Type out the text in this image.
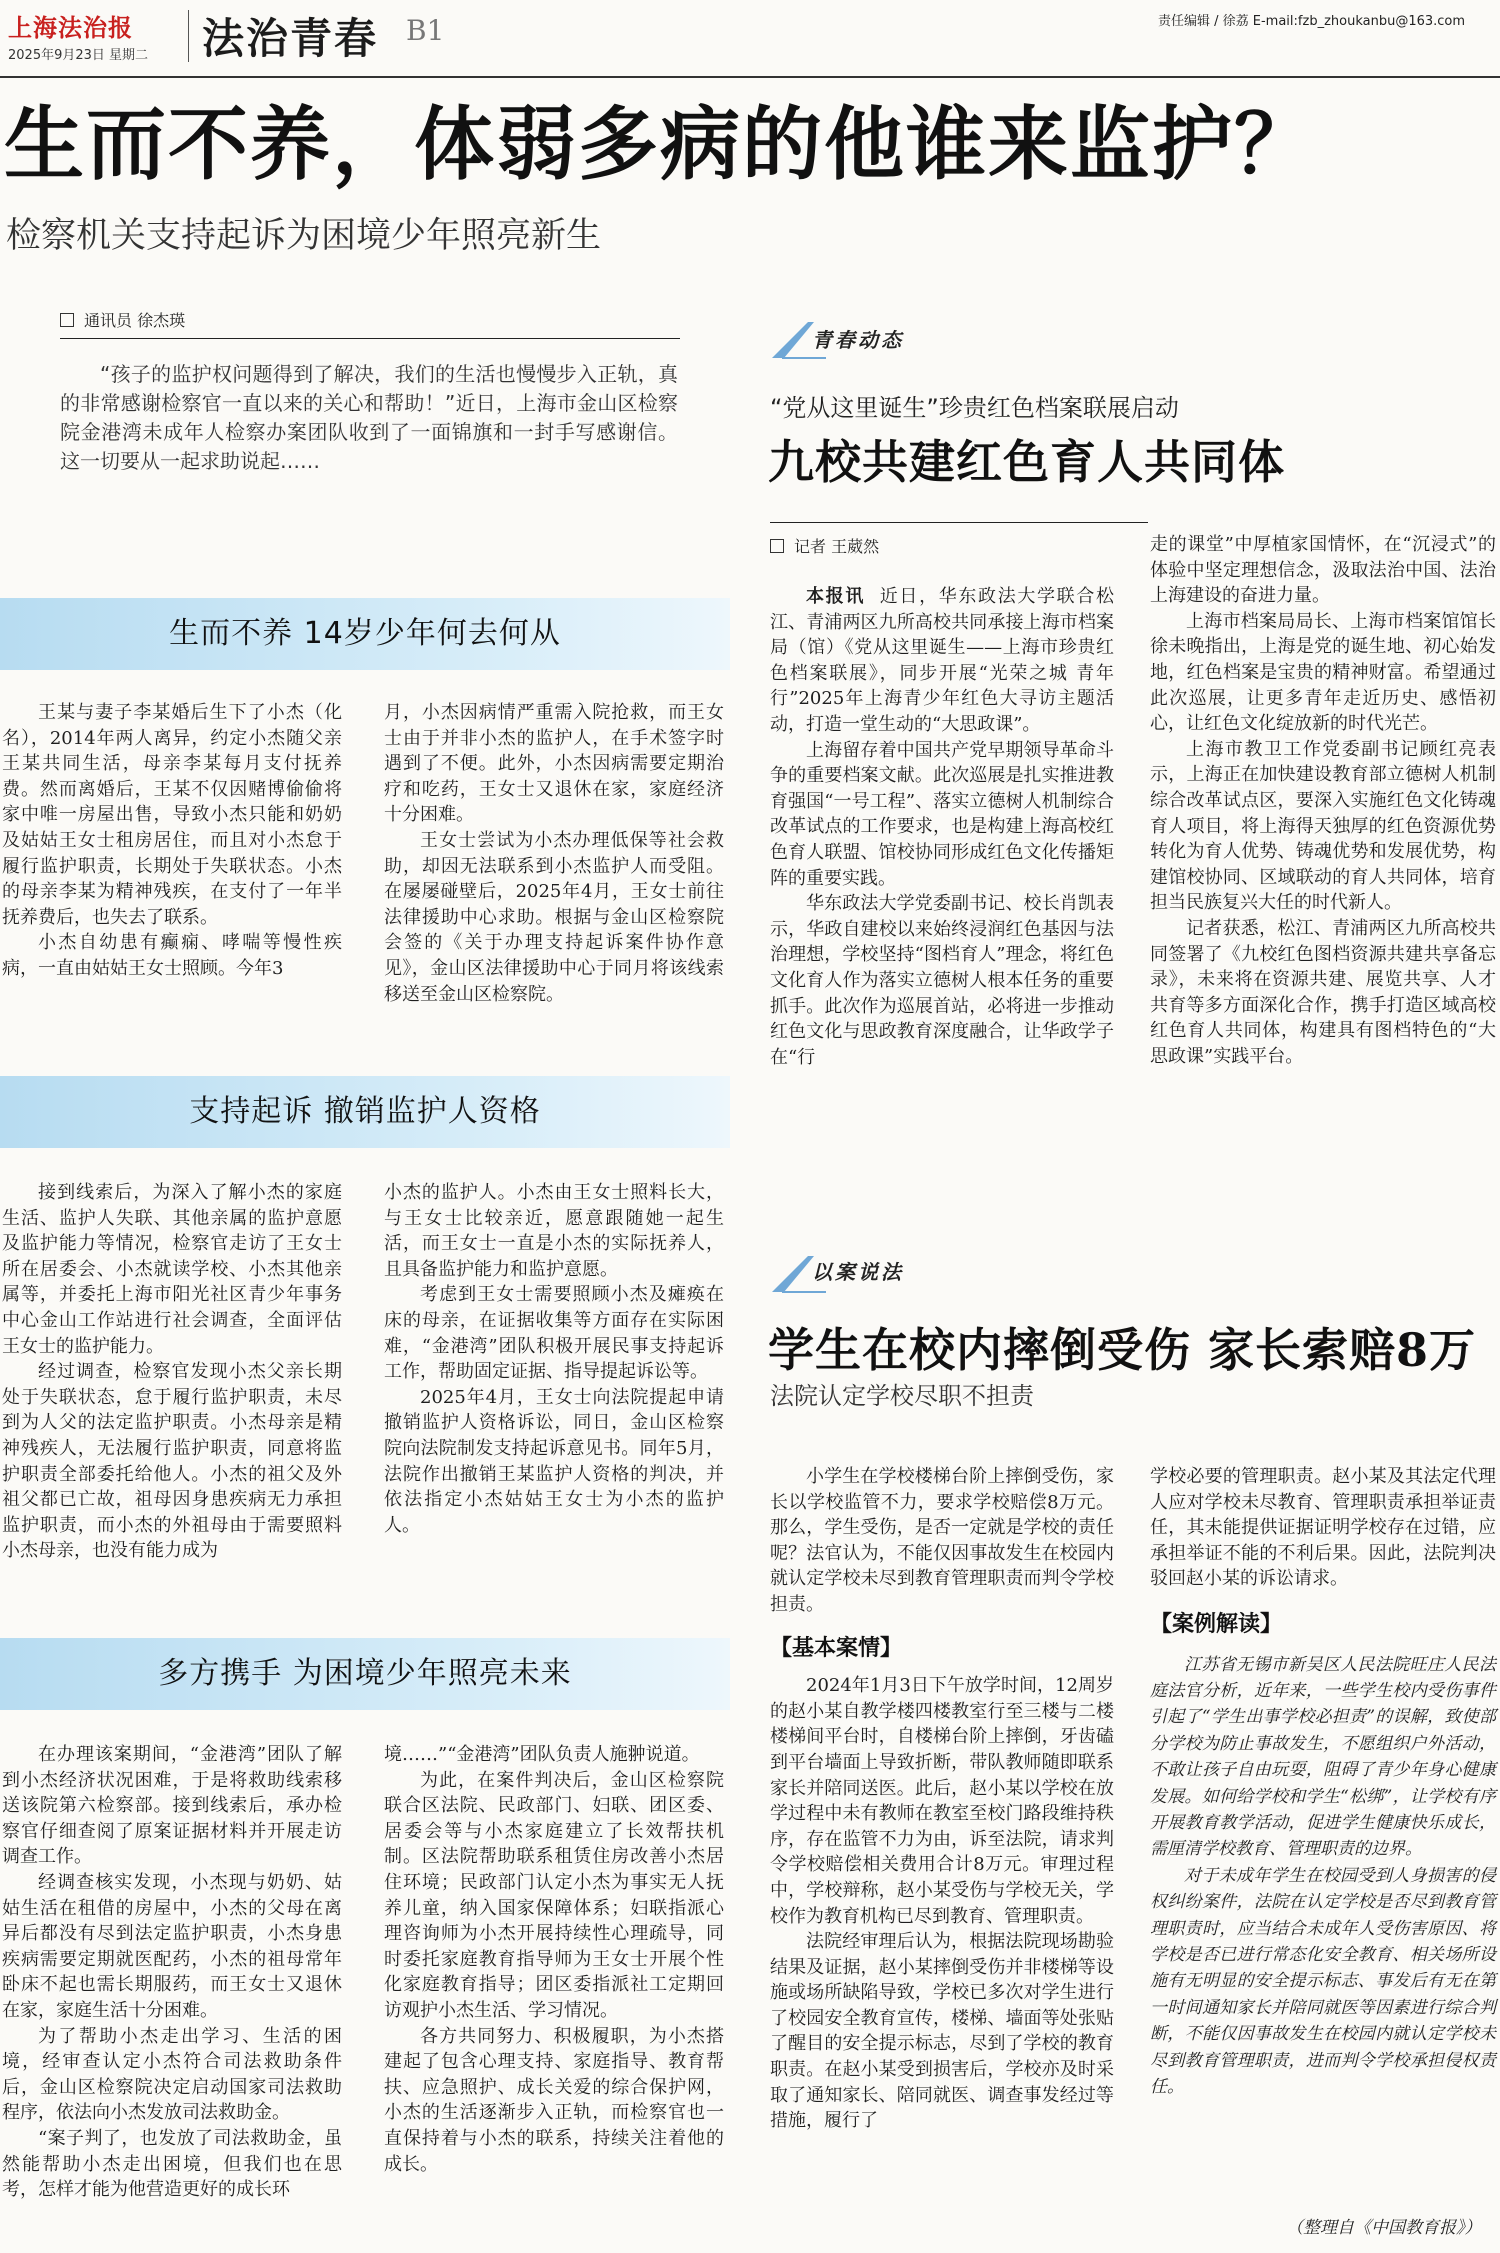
上海法治报
2025年9月23日 星期二 法治青春 B1	责任编辑 / 徐荔 E-mail:fzb_zhoukanbu@163.com
生而不养，体弱多病的他谁来监护？
检察机关支持起诉为困境少年照亮新生
通讯员 徐杰瑛

“孩子的监护权问题得到了解决，我们的生活也慢慢步入正轨，真的非常感谢检察官一直以来的关心和帮助！”近日，上海市金山区检察院金港湾未成年人检察办案团队收到了一面锦旗和一封手写感谢信。这一切要从一起求助说起……

生而不养 14岁少年何去何从

王某与妻子李某婚后生下了小杰（化名），2014年两人离异，约定小杰随父亲王某共同生活，母亲李某每月支付抚养费。然而离婚后，王某不仅因赌博偷偷将家中唯一房屋出售，导致小杰只能和奶奶及姑姑王女士租房居住，而且对小杰怠于履行监护职责，长期处于失联状态。小杰的母亲李某为精神残疾，在支付了一年半抚养费后，也失去了联系。

小杰自幼患有癫痫、哮喘等慢性疾病，一直由姑姑王女士照顾。今年3

月，小杰因病情严重需入院抢救，而王女士由于并非小杰的监护人，在手术签字时遇到了不便。此外，小杰因病需要定期治疗和吃药，王女士又退休在家，家庭经济十分困难。

王女士尝试为小杰办理低保等社会救助，却因无法联系到小杰监护人而受阻。在屡屡碰壁后，2025年4月，王女士前往法律援助中心求助。根据与金山区检察院会签的《关于办理支持起诉案件协作意见》，金山区法律援助中心于同月将该线索移送至金山区检察院。

支持起诉 撤销监护人资格

接到线索后，为深入了解小杰的家庭生活、监护人失联、其他亲属的监护意愿及监护能力等情况，检察官走访了王女士所在居委会、小杰就读学校、小杰其他亲属等，并委托上海市阳光社区青少年事务中心金山工作站进行社会调查，全面评估王女士的监护能力。

经过调查，检察官发现小杰父亲长期处于失联状态，怠于履行监护职责，未尽到为人父的法定监护职责。小杰母亲是精神残疾人，无法履行监护职责，同意将监护职责全部委托给他人。小杰的祖父及外祖父都已亡故，祖母因身患疾病无力承担监护职责，而小杰的外祖母由于需要照料小杰母亲，也没有能力成为

小杰的监护人。小杰由王女士照料长大，与王女士比较亲近，愿意跟随她一起生活，而王女士一直是小杰的实际抚养人，且具备监护能力和监护意愿。

考虑到王女士需要照顾小杰及瘫痪在床的母亲，在证据收集等方面存在实际困难，“金港湾”团队积极开展民事支持起诉工作，帮助固定证据、指导提起诉讼等。

2025年4月，王女士向法院提起申请撤销监护人资格诉讼，同日，金山区检察院向法院制发支持起诉意见书。同年5月，法院作出撤销王某监护人资格的判决，并依法指定小杰姑姑王女士为小杰的监护人。

多方携手 为困境少年照亮未来

在办理该案期间，“金港湾”团队了解到小杰经济状况困难，于是将救助线索移送该院第六检察部。接到线索后，承办检察官仔细查阅了原案证据材料并开展走访调查工作。

经调查核实发现，小杰现与奶奶、姑姑生活在租借的房屋中，小杰的父母在离异后都没有尽到法定监护职责，小杰身患疾病需要定期就医配药，小杰的祖母常年卧床不起也需长期服药，而王女士又退休在家，家庭生活十分困难。

为了帮助小杰走出学习、生活的困境，经审查认定小杰符合司法救助条件后，金山区检察院决定启动国家司法救助程序，依法向小杰发放司法救助金。

“案子判了，也发放了司法救助金，虽然能帮助小杰走出困境，但我们也在思考，怎样才能为他营造更好的成长环

境……”“金港湾”团队负责人施翀说道。

为此，在案件判决后，金山区检察院联合区法院、民政部门、妇联、团区委、居委会等与小杰家庭建立了长效帮扶机制。区法院帮助联系租赁住房改善小杰居住环境；民政部门认定小杰为事实无人抚养儿童，纳入国家保障体系；妇联指派心理咨询师为小杰开展持续性心理疏导，同时委托家庭教育指导师为王女士开展个性化家庭教育指导；团区委指派社工定期回访观护小杰生活、学习情况。

各方共同努力、积极履职，为小杰搭建起了包含心理支持、家庭指导、教育帮扶、应急照护、成长关爱的综合保护网，小杰的生活逐渐步入正轨，而检察官也一直保持着与小杰的联系，持续关注着他的成长。

青春动态
“党从这里诞生”珍贵红色档案联展启动
九校共建红色育人共同体
记者 王葳然

本报讯 近日，华东政法大学联合松江、青浦两区九所高校共同承接上海市档案局（馆）《党从这里诞生——上海市珍贵红色档案联展》，同步开展“光荣之城 青年行”2025年上海青少年红色大寻访主题活动，打造一堂生动的“大思政课”。

上海留存着中国共产党早期领导革命斗争的重要档案文献。此次巡展是扎实推进教育强国“一号工程”、落实立德树人机制综合改革试点的工作要求，也是构建上海高校红色育人联盟、馆校协同形成红色文化传播矩阵的重要实践。

华东政法大学党委副书记、校长肖凯表示，华政自建校以来始终浸润红色基因与法治理想，学校坚持“图档育人”理念，将红色文化育人作为落实立德树人根本任务的重要抓手。此次作为巡展首站，必将进一步推动红色文化与思政教育深度融合，让华政学子在“行

走的课堂”中厚植家国情怀，在“沉浸式”的体验中坚定理想信念，汲取法治中国、法治上海建设的奋进力量。

上海市档案局局长、上海市档案馆馆长徐未晚指出，上海是党的诞生地、初心始发地，红色档案是宝贵的精神财富。希望通过此次巡展，让更多青年走近历史、感悟初心，让红色文化绽放新的时代光芒。

上海市教卫工作党委副书记顾红亮表示，上海正在加快建设教育部立德树人机制综合改革试点区，要深入实施红色文化铸魂育人项目，将上海得天独厚的红色资源优势转化为育人优势、铸魂优势和发展优势，构建馆校协同、区域联动的育人共同体，培育担当民族复兴大任的时代新人。

记者获悉，松江、青浦两区九所高校共同签署了《九校红色图档资源共建共享备忘录》，未来将在资源共建、展览共享、人才共育等多方面深化合作，携手打造区域高校红色育人共同体，构建具有图档特色的“大思政课”实践平台。

以案说法
学生在校内摔倒受伤 家长索赔8万
法院认定学校尽职不担责

小学生在学校楼梯台阶上摔倒受伤，家长以学校监管不力，要求学校赔偿8万元。那么，学生受伤，是否一定就是学校的责任呢？法官认为，不能仅因事故发生在校园内就认定学校未尽到教育管理职责而判令学校担责。

【基本案情】

2024年1月3日下午放学时间，12周岁的赵小某自教学楼四楼教室行至三楼与二楼楼梯间平台时，自楼梯台阶上摔倒，牙齿磕到平台墙面上导致折断，带队教师随即联系家长并陪同送医。此后，赵小某以学校在放学过程中未有教师在教室至校门路段维持秩序，存在监管不力为由，诉至法院，请求判令学校赔偿相关费用合计8万元。审理过程中，学校辩称，赵小某受伤与学校无关，学校作为教育机构已尽到教育、管理职责。

法院经审理后认为，根据法院现场勘验结果及证据，赵小某摔倒受伤并非楼梯等设施或场所缺陷导致，学校已多次对学生进行了校园安全教育宣传，楼梯、墙面等处张贴了醒目的安全提示标志，尽到了学校的教育职责。在赵小某受到损害后，学校亦及时采取了通知家长、陪同就医、调查事发经过等措施，履行了

学校必要的管理职责。赵小某及其法定代理人应对学校未尽教育、管理职责承担举证责任，其未能提供证据证明学校存在过错，应承担举证不能的不利后果。因此，法院判决驳回赵小某的诉讼请求。

【案例解读】

江苏省无锡市新吴区人民法院旺庄人民法庭法官分析，近年来，一些学生校内受伤事件引起了“学生出事学校必担责”的误解，致使部分学校为防止事故发生，不愿组织户外活动，不敢让孩子自由玩耍，阻碍了青少年身心健康发展。如何给学校和学生“松绑”，让学校有序开展教育教学活动，促进学生健康快乐成长，需厘清学校教育、管理职责的边界。

对于未成年学生在校园受到人身损害的侵权纠纷案件，法院在认定学校是否尽到教育管理职责时，应当结合未成年人受伤害原因、将学校是否已进行常态化安全教育、相关场所设施有无明显的安全提示标志、事发后有无在第一时间通知家长并陪同就医等因素进行综合判断，不能仅因事故发生在校园内就认定学校未尽到教育管理职责，进而判令学校承担侵权责任。

（整理自《中国教育报》）
